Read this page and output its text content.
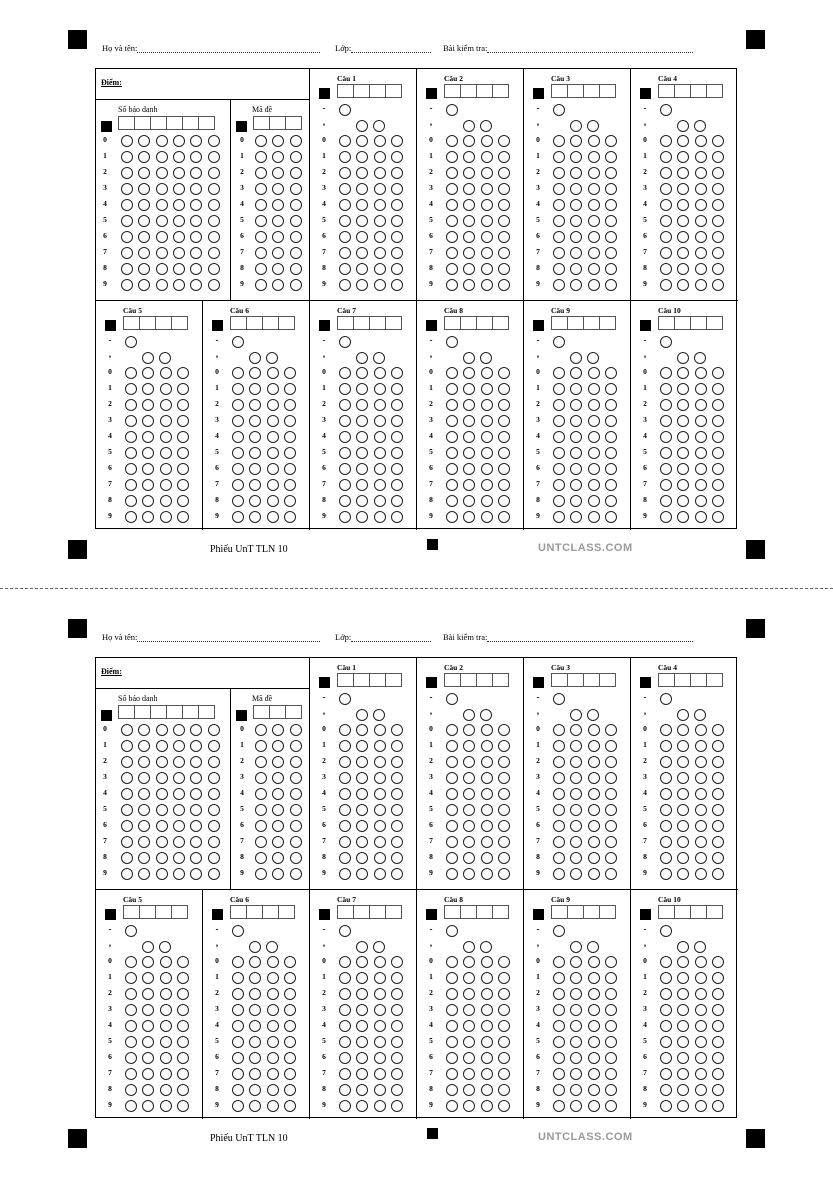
Họ và tên:	Lớp:	Bài kiểm tra:
Điểm:
Số báo danh
0
1
2
3
4
5
6
7
8
9
Mã đề
0
1
2
3
4
5
6
7
8
9
Câu 1
-
,
0
1
2
3
4
5
6
7
8
9
Câu 2
-
,
0
1
2
3
4
5
6
7
8
9
Câu 3
-
,
0
1
2
3
4
5
6
7
8
9
Câu 4
-
,
0
1
2
3
4
5
6
7
8
9
Câu 5
-
,
0
1
2
3
4
5
6
7
8
9
Câu 6
-
,
0
1
2
3
4
5
6
7
8
9
Câu 7
-
,
0
1
2
3
4
5
6
7
8
9
Câu 8
-
,
0
1
2
3
4
5
6
7
8
9
Câu 9
-
,
0
1
2
3
4
5
6
7
8
9
Câu 10
-
,
0
1
2
3
4
5
6
7
8
9
Phiếu UnT TLN 10	UNTCLASS.COM
Họ và tên:	Lớp:	Bài kiểm tra:
Điểm:
Số báo danh
0
1
2
3
4
5
6
7
8
9
Mã đề
0
1
2
3
4
5
6
7
8
9
Câu 1
-
,
0
1
2
3
4
5
6
7
8
9
Câu 2
-
,
0
1
2
3
4
5
6
7
8
9
Câu 3
-
,
0
1
2
3
4
5
6
7
8
9
Câu 4
-
,
0
1
2
3
4
5
6
7
8
9
Câu 5
-
,
0
1
2
3
4
5
6
7
8
9
Câu 6
-
,
0
1
2
3
4
5
6
7
8
9
Câu 7
-
,
0
1
2
3
4
5
6
7
8
9
Câu 8
-
,
0
1
2
3
4
5
6
7
8
9
Câu 9
-
,
0
1
2
3
4
5
6
7
8
9
Câu 10
-
,
0
1
2
3
4
5
6
7
8
9
Phiếu UnT TLN 10	UNTCLASS.COM
